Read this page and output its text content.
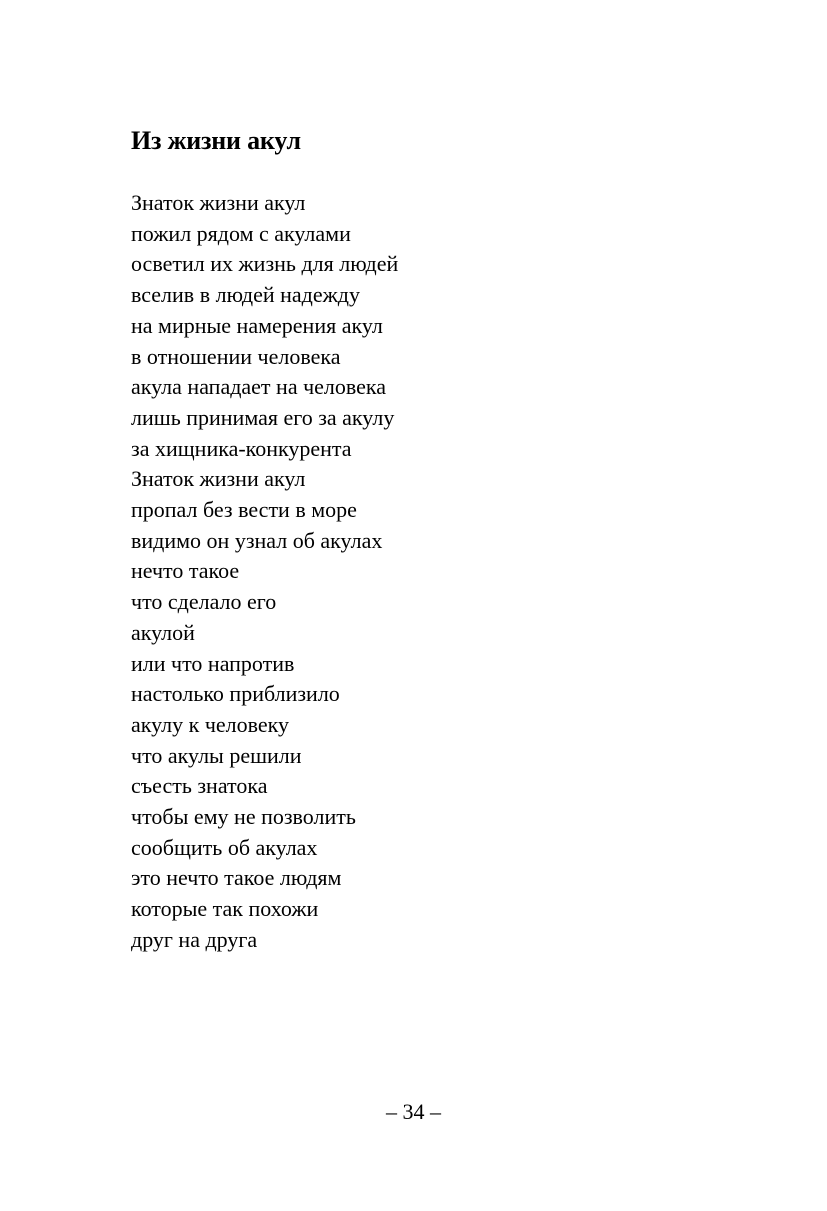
Из жизни акул
Знаток жизни акул
пожил рядом с акулами
осветил их жизнь для людей
вселив в людей надежду
на мирные намерения акул
в отношении человека
акула нападает на человека
лишь принимая его за акулу
за хищника-конкурента
Знаток жизни акул
пропал без вести в море
видимо он узнал об акулах
нечто такое
что сделало его
акулой
или что напротив
настолько приблизило
акулу к человеку
что акулы решили
съесть знатока
чтобы ему не позволить
сообщить об акулах
это нечто такое людям
которые так похожи
друг на друга
– 34 –
